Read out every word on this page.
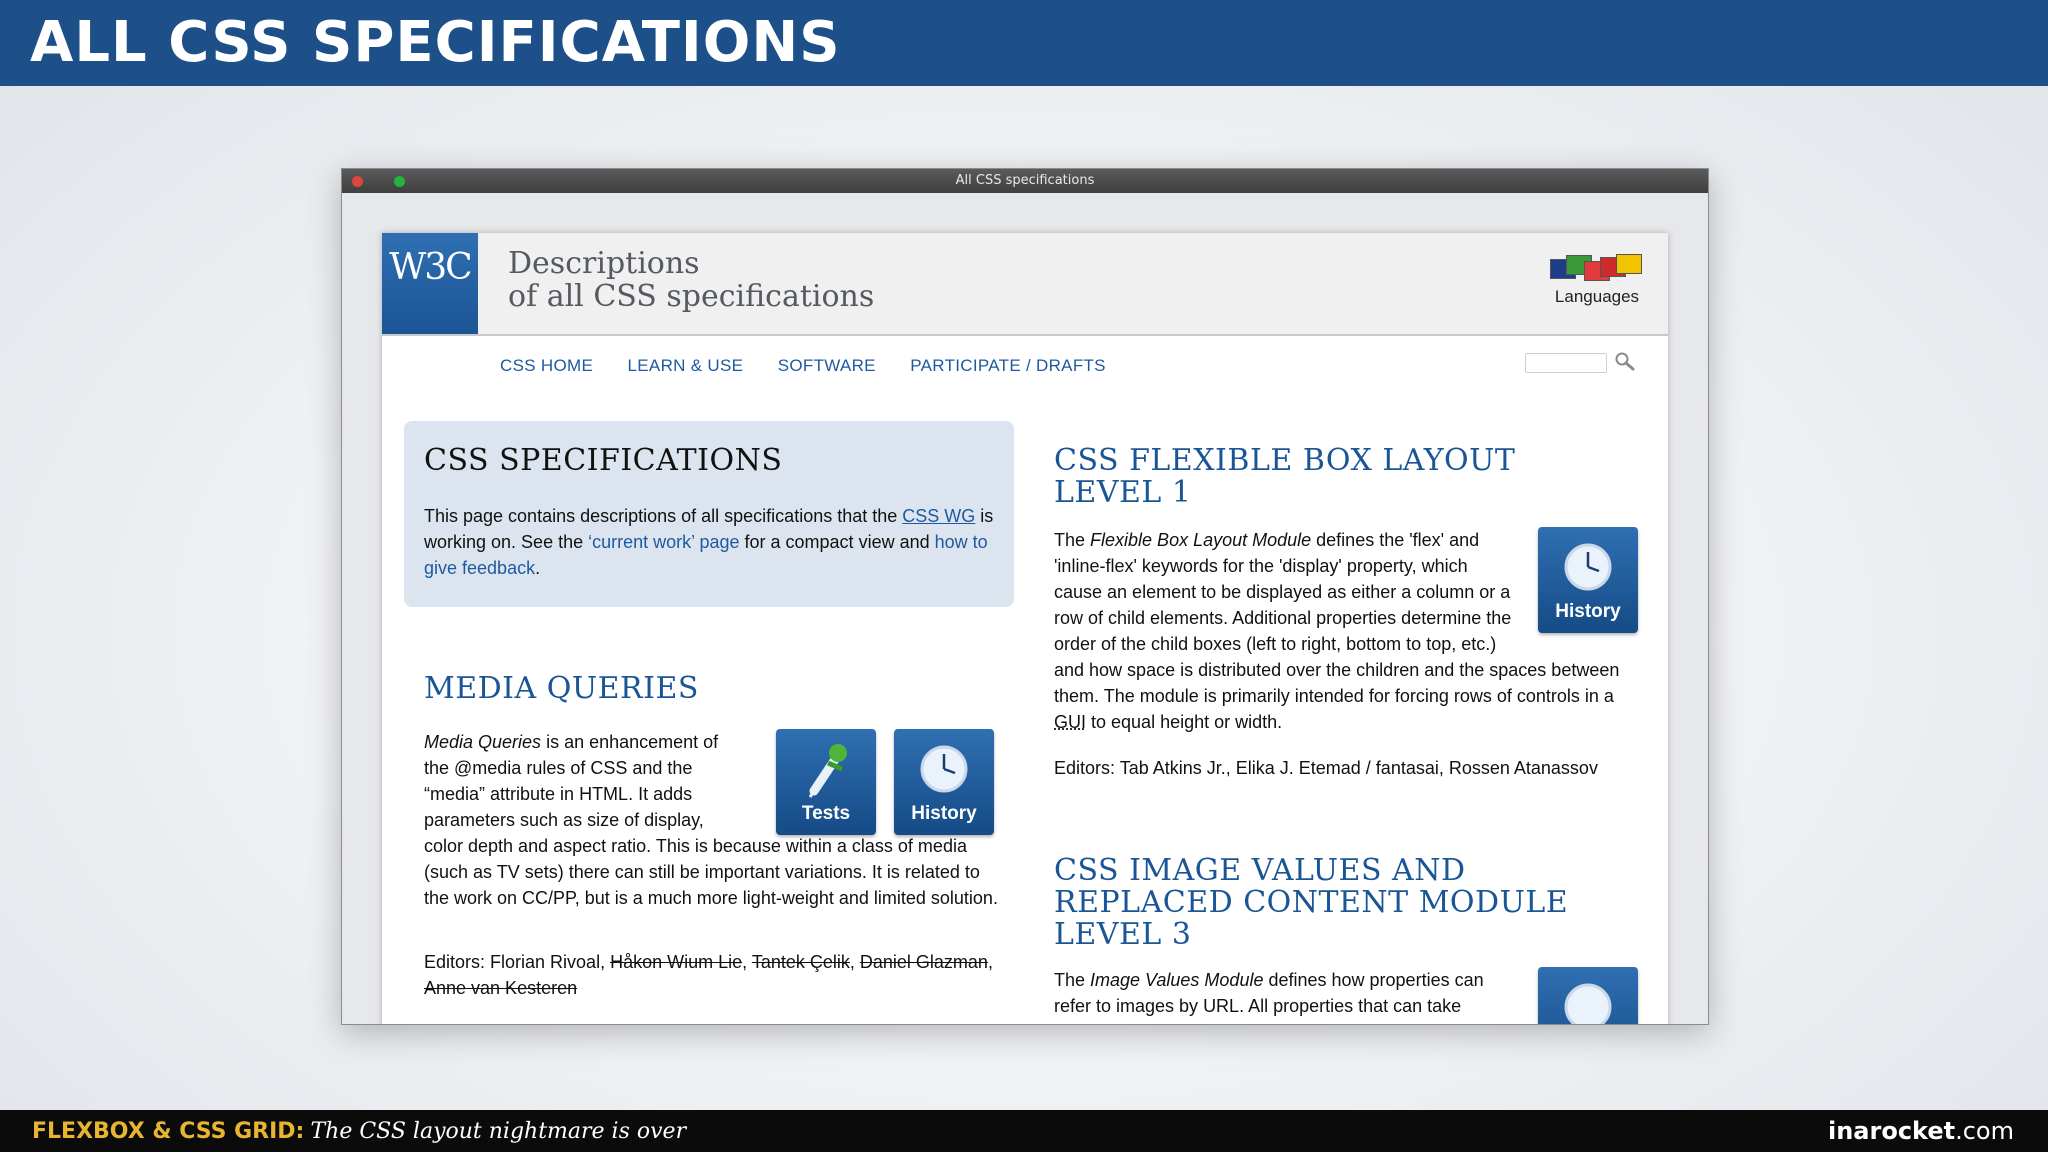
ALL CSS SPECIFICATIONS
All CSS specifications
W3C Descriptions
of all CSS specifications	Languages
CSS HOME LEARN & USE SOFTWARE PARTICIPATE / DRAFTS
CSS SPECIFICATIONS
This page contains descriptions of all specifications that the CSS WG is working on. See the ‘current work’ page for a compact view and how to give feedback.
MEDIA QUERIES
Tests	History
Media Queries is an enhancement of the @media rules of CSS and the “media” attribute in HTML. It adds parameters such as size of display, color depth and aspect ratio. This is because within a class of media (such as TV sets) there can still be important variations. It is related to the work on CC/PP, but is a much more light-weight and limited solution.
Editors: Florian Rivoal, Håkon Wium Lie, Tantek Çelik, Daniel Glazman, Anne van Kesteren
CSS FLEXIBLE BOX LAYOUT
LEVEL 1
History
The Flexible Box Layout Module defines the 'flex' and 'inline-flex' keywords for the 'display' property, which cause an element to be displayed as either a column or a row of child elements. Additional properties determine the order of the child boxes (left to right, bottom to top, etc.) and how space is distributed over the children and the spaces between them. The module is primarily intended for forcing rows of controls in a GUI to equal height or width.
Editors: Tab Atkins Jr., Elika J. Etemad / fantasai, Rossen Atanassov
CSS IMAGE VALUES AND
REPLACED CONTENT MODULE
LEVEL 3
The Image Values Module defines how properties can refer to images by URL. All properties that can take
FLEXBOX & CSS GRID: The CSS layout nightmare is over	inarocket.com
